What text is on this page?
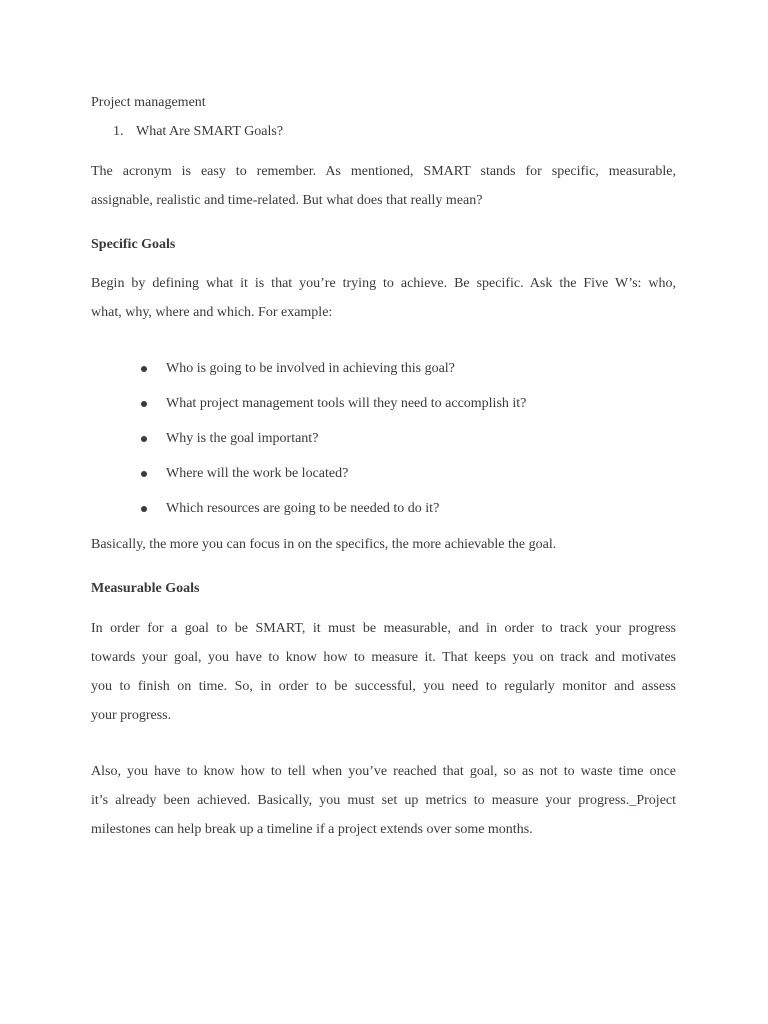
Project management
1. What Are SMART Goals?
The acronym is easy to remember. As mentioned, SMART stands for specific, measurable,
assignable, realistic and time-related. But what does that really mean?
Specific Goals
Begin by defining what it is that you’re trying to achieve. Be specific. Ask the Five W’s: who,
what, why, where and which. For example:
Who is going to be involved in achieving this goal?
What project management tools will they need to accomplish it?
Why is the goal important?
Where will the work be located?
Which resources are going to be needed to do it?
Basically, the more you can focus in on the specifics, the more achievable the goal.
Measurable Goals
In order for a goal to be SMART, it must be measurable, and in order to track your progress
towards your goal, you have to know how to measure it. That keeps you on track and motivates
you to finish on time. So, in order to be successful, you need to regularly monitor and assess
your progress.
Also, you have to know how to tell when you’ve reached that goal, so as not to waste time once
it’s already been achieved. Basically, you must set up metrics to measure your progress. Project
milestones can help break up a timeline if a project extends over some months.
